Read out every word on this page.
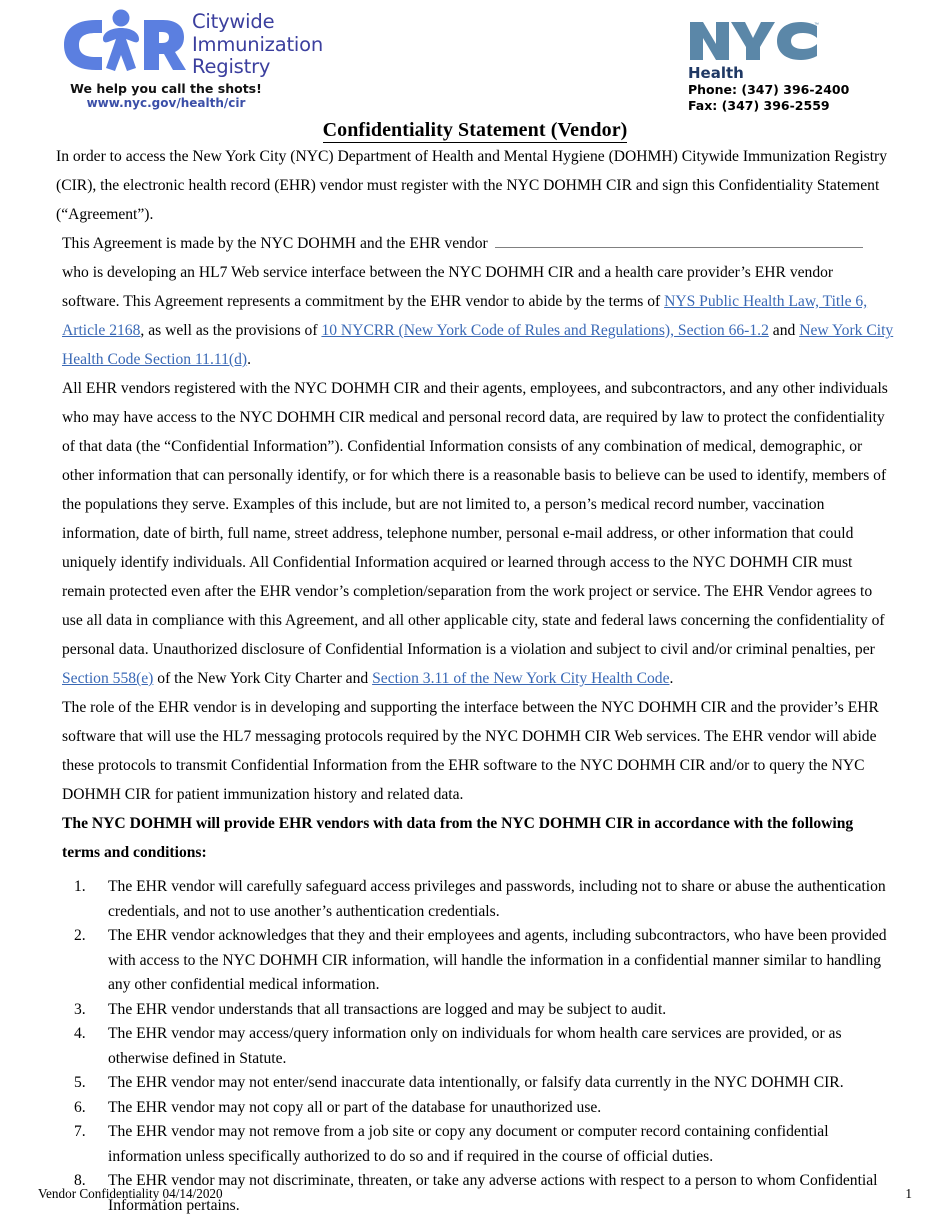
Citywide
Immunization
Registry
We help you call the shots!
www.nyc.gov/health/cir
™
Health
Phone: (347) 396-2400
Fax: (347) 396-2559
Confidentiality Statement (Vendor)

In order to access the New York City (NYC) Department of Health and Mental Hygiene (DOHMH) Citywide Immunization Registry (CIR), the electronic health record (EHR) vendor must register with the NYC DOHMH CIR and sign this Confidentiality Statement (“Agreement”).

This Agreement is made by the NYC DOHMH and the EHR vendor  who is developing an HL7 Web service interface between the NYC DOHMH CIR and a health care provider’s EHR vendor software. This Agreement represents a commitment by the EHR vendor to abide by the terms of NYS Public Health Law, Title 6, Article 2168, as well as the provisions of 10 NYCRR (New York Code of Rules and Regulations), Section 66-1.2 and New York City Health Code Section 11.11(d).

All EHR vendors registered with the NYC DOHMH CIR and their agents, employees, and subcontractors, and any other individuals who may have access to the NYC DOHMH CIR medical and personal record data, are required by law to protect the confidentiality of that data (the “Confidential Information”). Confidential Information consists of any combination of medical, demographic, or other information that can personally identify, or for which there is a reasonable basis to believe can be used to identify, members of the populations they serve. Examples of this include, but are not limited to, a person’s medical record number, vaccination information, date of birth, full name, street address, telephone number, personal e-mail address, or other information that could uniquely identify individuals. All Confidential Information acquired or learned through access to the NYC DOHMH CIR must remain protected even after the EHR vendor’s completion/separation from the work project or service. The EHR Vendor agrees to use all data in compliance with this Agreement, and all other applicable city, state and federal laws concerning the confidentiality of personal data. Unauthorized disclosure of Confidential Information is a violation and subject to civil and/or criminal penalties, per Section 558(e) of the New York City Charter and Section 3.11 of the New York City Health Code.

The role of the EHR vendor is in developing and supporting the interface between the NYC DOHMH CIR and the provider’s EHR software that will use the HL7 messaging protocols required by the NYC DOHMH CIR Web services. The EHR vendor will abide these protocols to transmit Confidential Information from the EHR software to the NYC DOHMH CIR and/or to query the NYC DOHMH CIR for patient immunization history and related data.

The NYC DOHMH will provide EHR vendors with data from the NYC DOHMH CIR in accordance with the following terms and conditions:

1.	The EHR vendor will carefully safeguard access privileges and passwords, including not to share or abuse the authentication credentials, and not to use another’s authentication credentials.
2.	The EHR vendor acknowledges that they and their employees and agents, including subcontractors, who have been provided with access to the NYC DOHMH CIR information, will handle the information in a confidential manner similar to handling any other confidential medical information.
3.	The EHR vendor understands that all transactions are logged and may be subject to audit.
4.	The EHR vendor may access/query information only on individuals for whom health care services are provided, or as otherwise defined in Statute.
5.	The EHR vendor may not enter/send inaccurate data intentionally, or falsify data currently in the NYC DOHMH CIR.
6.	The EHR vendor may not copy all or part of the database for unauthorized use.
7.	The EHR vendor may not remove from a job site or copy any document or computer record containing confidential information unless specifically authorized to do so and if required in the course of official duties.
8.	The EHR vendor may not discriminate, threaten, or take any adverse actions with respect to a person to whom Confidential Information pertains.
Vendor Confidentiality 04/14/2020	1
